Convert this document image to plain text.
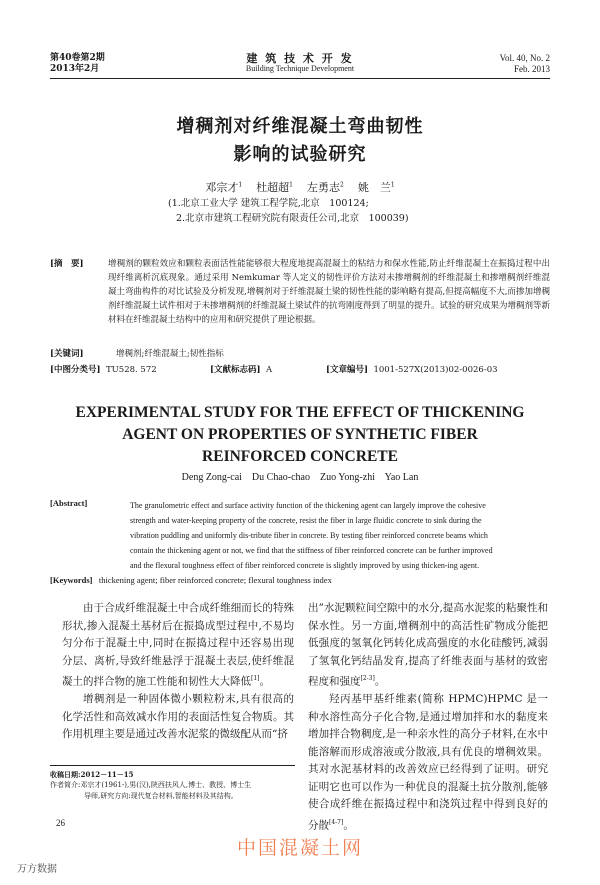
第40卷第2期
2013年2月
建 筑 技 术 开 发
Building Technique Development
Vol. 40, No. 2
Feb. 2013
增稠剂对纤维混凝土弯曲韧性
影响的试验研究
邓宗才$^1$ 杜超超$^1$ 左勇志$^2$ 姚　兰$^1$
(1.北京工业大学 建筑工程学院,北京　100124;
2.北京市建筑工程研究院有限责任公司,北京　100039)
[摘　要]	增稠剂的颗粒效应和颗粒表面活性能能够很大程度地提高混凝土的粘结力和保水性能,防止纤维混凝土在振捣过程中出现纤维离析沉底现象。通过采用 Nemkumar 等人定义的韧性评价方法对未掺增稠剂的纤维混凝土和掺增稠剂纤维混凝土弯曲构件的对比试验及分析发现,增稠剂对于纤维混凝土梁的韧性性能的影响略有提高,但提高幅度不大,而掺加增稠剂纤维混凝土试件相对于未掺增稠剂的纤维混凝土梁试件的抗弯刚度得到了明显的提升。试验的研究成果为增稠剂等新材料在纤维混凝土结构中的应用和研究提供了理论根据。
[关键词]	增稠剂;纤维混凝土;韧性指标
[中图分类号] TU528. 572	[文献标志码] A	[文章编号] 1001-527X(2013)02-0026-03
EXPERIMENTAL STUDY FOR THE EFFECT OF THICKENING
AGENT ON PROPERTIES OF SYNTHETIC FIBER
REINFORCED CONCRETE
Deng Zong-cai Du Chao-chao Zuo Yong-zhi Yao Lan
[Abstract]	The granulometric effect and surface activity function of the thickening agent can largely improve the cohesive
strength and water-keeping property of the concrete, resist the fiber in large fluidic concrete to sink during the
vibration puddling and uniformly dis-tribute fiber in concrete. By testing fiber reinforced concrete beams which
contain the thickening agent or not, we find that the stiffness of fiber reinforced concrete can be further improved
and the flexural toughness effect of fiber reinforced concrete is slightly improved by using thicken-ing agent.
[Keywords] thickening agent; fiber reinforced concrete; flexural toughness index

由于合成纤维混凝土中合成纤维细而长的特殊形状,掺入混凝土基材后在振捣成型过程中,不易均匀分布于混凝土中,同时在振捣过程中还容易出现分层、离析,导致纤维悬浮于混凝土表层,使纤维混凝土的拌合物的施工性能和韧性大大降低[1]。

增稠剂是一种固体微小颗粒粉末,具有很高的化学活性和高效减水作用的表面活性复合物质。其作用机理主要是通过改善水泥浆的微级配从而“挤

出”水泥颗粒间空隙中的水分,提高水泥浆的粘聚性和保水性。另一方面,增稠剂中的高活性矿物成分能把低强度的氢氧化钙转化成高强度的水化硅酸钙,减弱了氢氧化钙结晶发育,提高了纤维表面与基材的致密程度和强度[2-3]。

羟丙基甲基纤维素(简称 HPMC)HPMC 是一种水溶性高分子化合物,是通过增加拌和水的黏度来增加拌合物稠度,是一种亲水性的高分子材料,在水中能溶解而形成溶液或分散液,具有优良的增稠效果。其对水泥基材料的改善效应已经得到了证明。研究证明它也可以作为一种优良的混凝土抗分散剂,能够使合成纤维在振捣过程中和浇筑过程中得到良好的分散[4-7]。

收稿日期:2012－11－15
作者简介:邓宗才(1961-),男(汉),陕西扶风人,博士、教授、博士生
导师,研究方向:现代复合材料,智能材料及其结构。
26
中国混凝土网
万方数据
